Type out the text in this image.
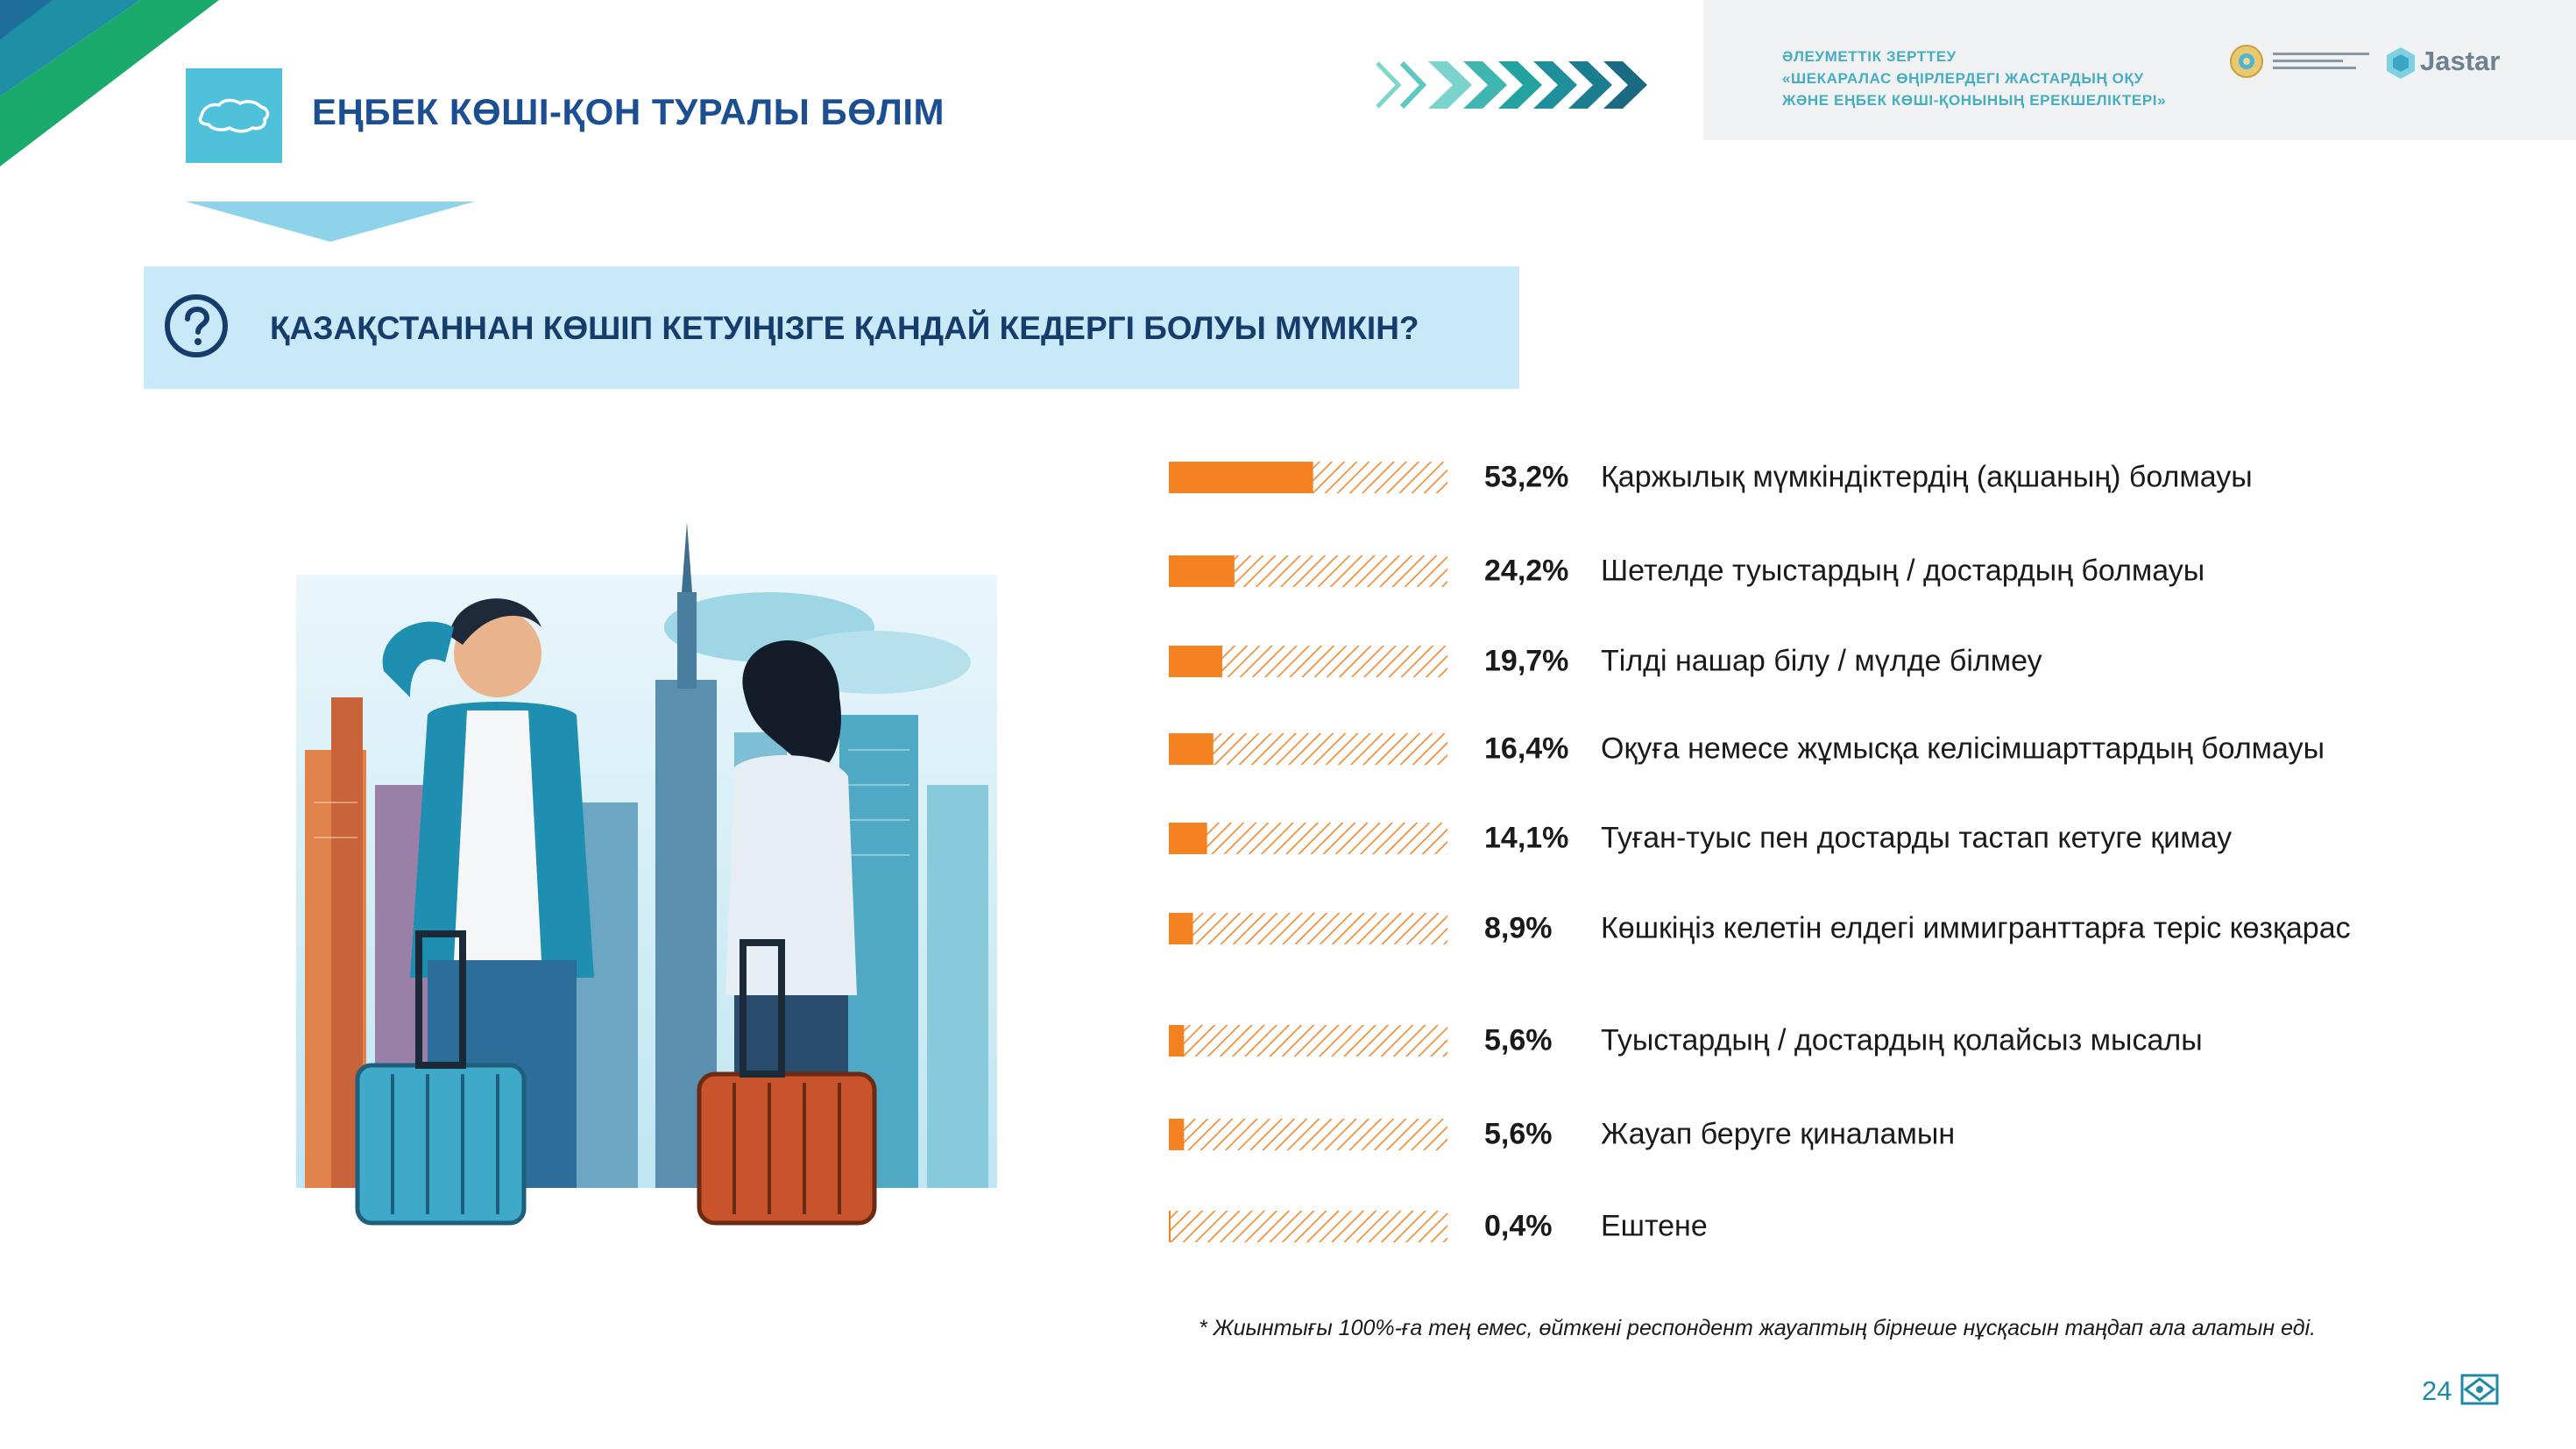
ЕҢБЕК КӨШІ-ҚОН ТУРАЛЫ БӨЛІМ
ӘЛЕУМЕТТІК ЗЕРТТЕУ
«ШЕКАРАЛАС ӨҢІРЛЕРДЕГІ ЖАСТАРДЫҢ ОҚУ
ЖӘНЕ ЕҢБЕК КӨШІ-ҚОНЫНЫҢ ЕРЕКШЕЛІКТЕРІ»
Jastar
ҚАЗАҚСТАННАН КӨШІП КЕТУІҢІЗГЕ ҚАНДАЙ КЕДЕРГІ БОЛУЫ МҮМКІН?
53,2% Қаржылық мүмкіндіктердің (ақшаның) болмауы
24,2% Шетелде туыстардың / достардың болмауы
19,7% Тілді нашар білу / мүлде білмеу
16,4% Оқуға немесе жұмысқа келісімшарттардың болмауы
14,1% Туған-туыс пен достарды тастап кетуге қимау
8,9% Көшкіңіз келетін елдегі иммигранттарға теріс көзқарас
5,6% Туыстардың / достардың қолайсыз мысалы
5,6% Жауап беруге қиналамын
0,4% Ештене
* Жиынтығы 100%-ға тең емес, өйткені респондент жауаптың бірнеше нұсқасын таңдап ала алатын еді.
24
